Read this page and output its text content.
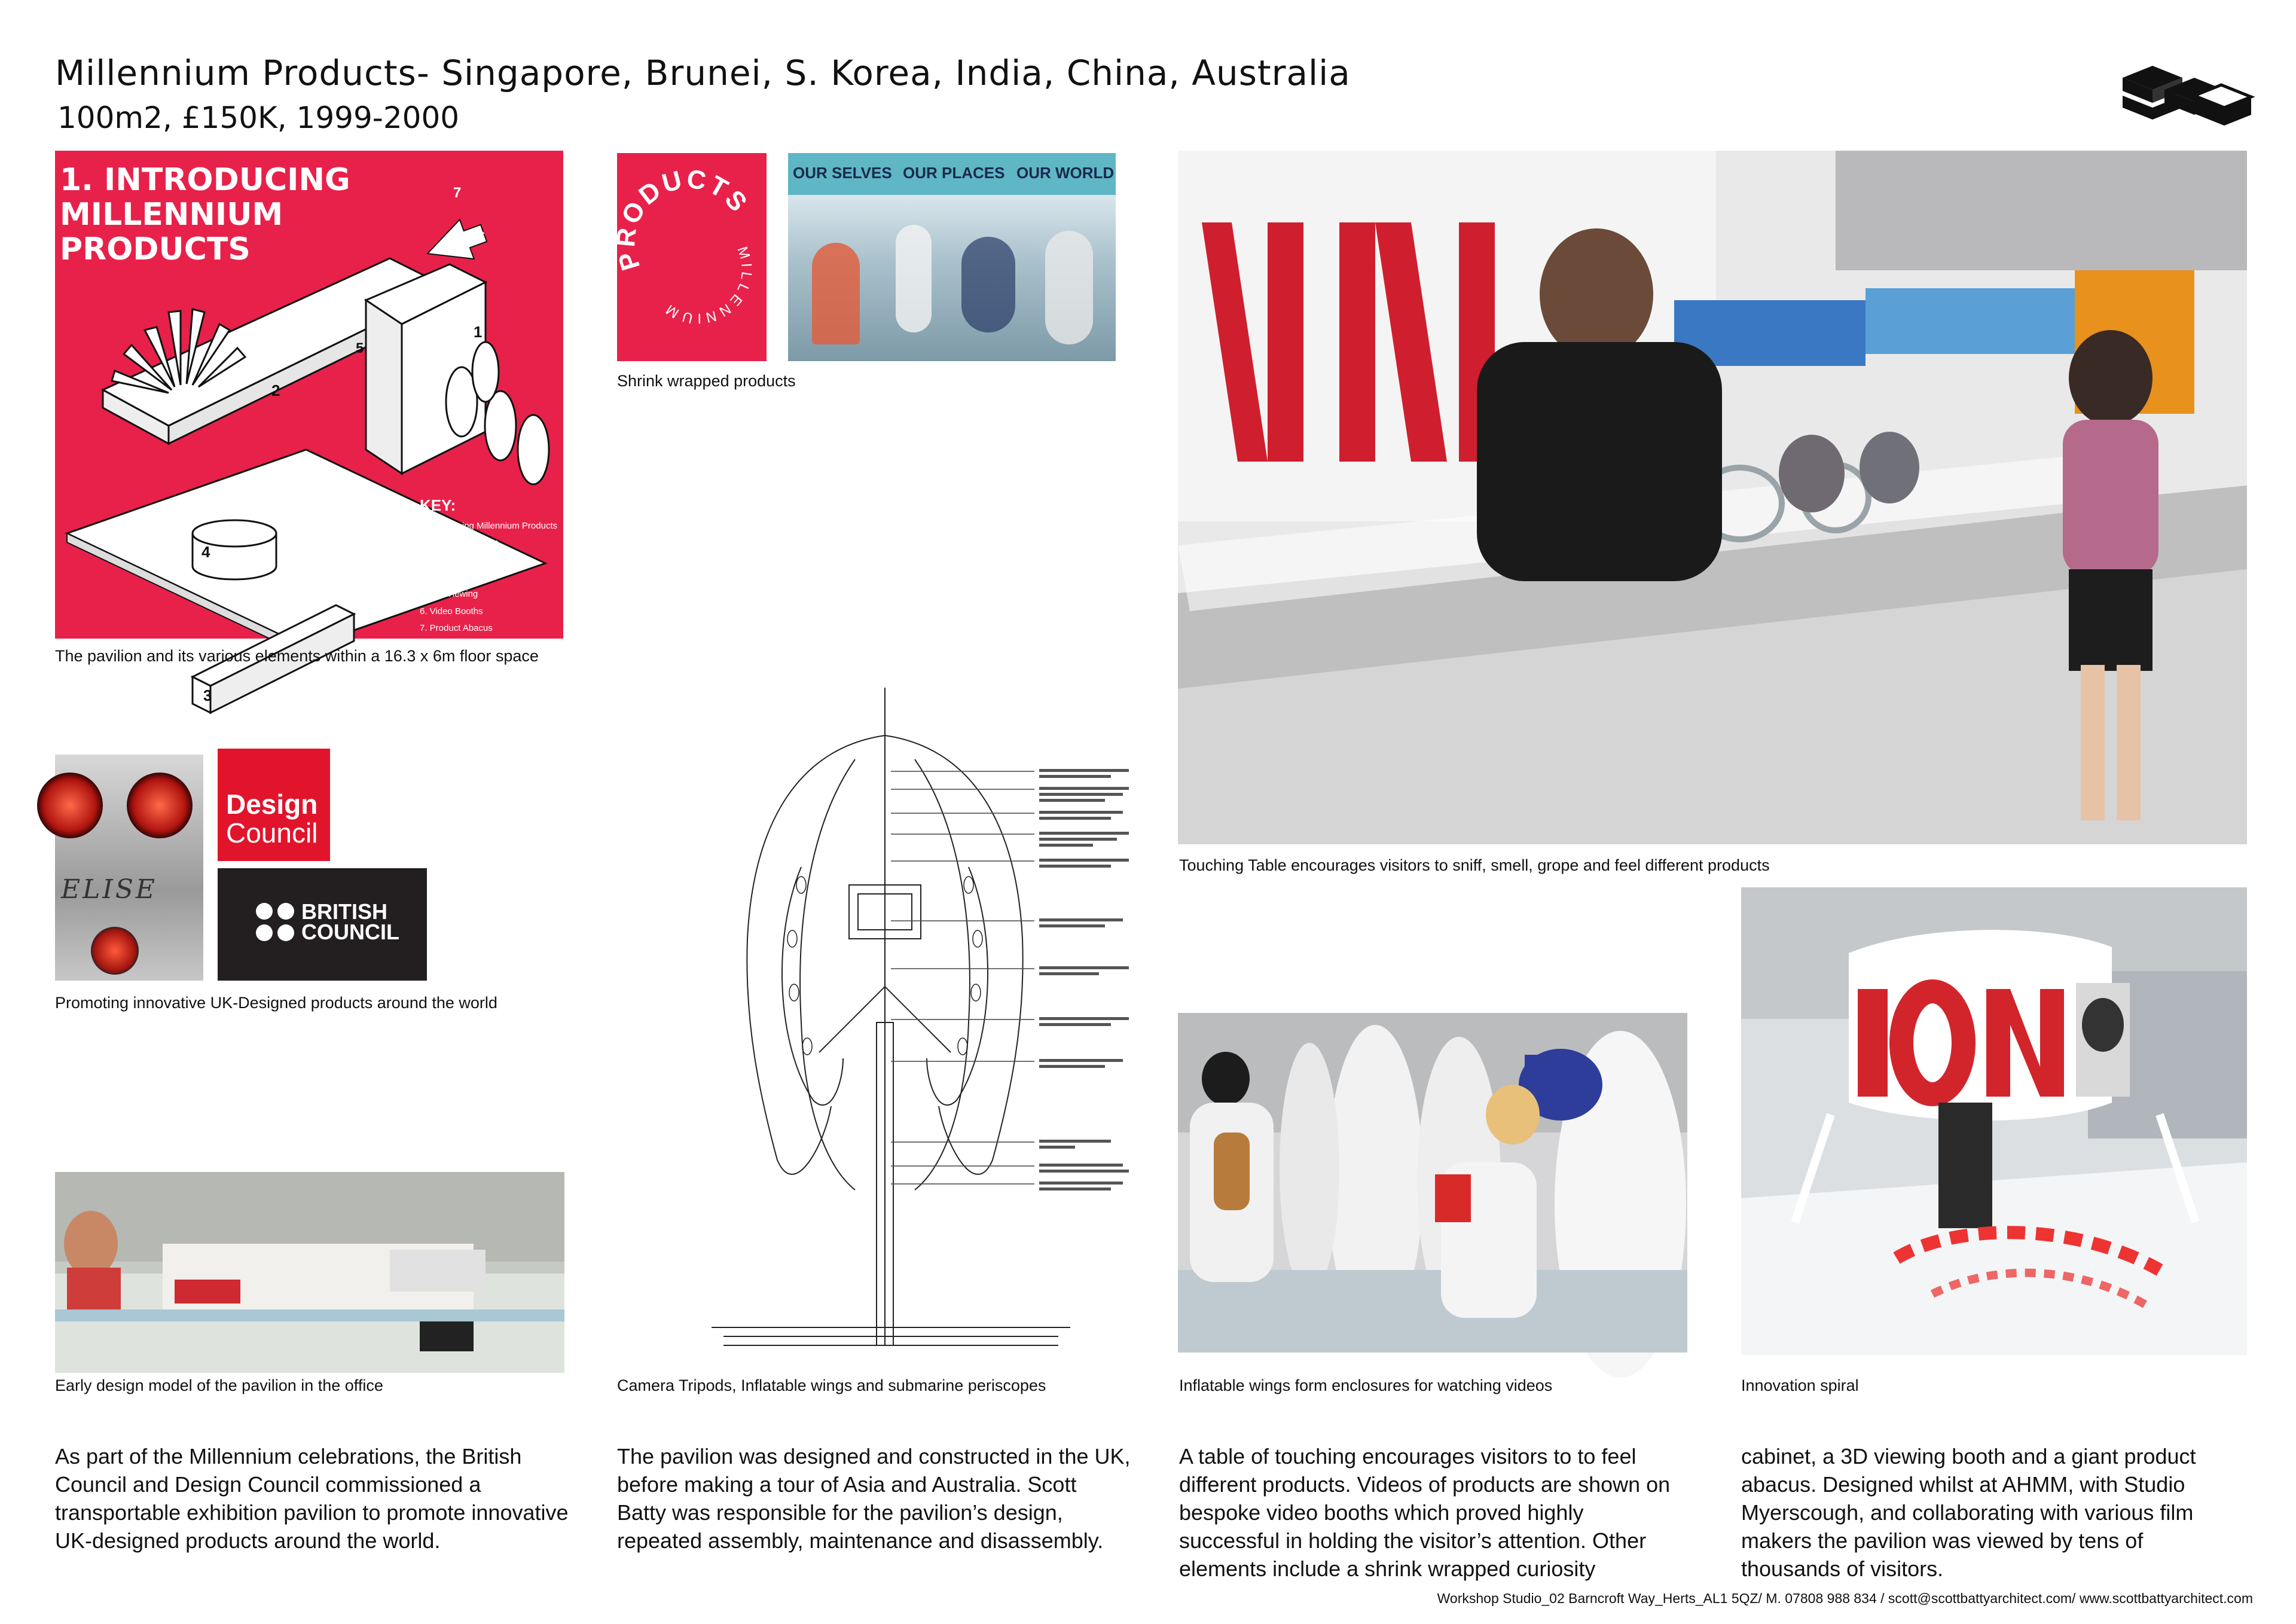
Millennium Products- Singapore, Brunei, S. Korea, India, China, Australia
100m2, £150K, 1999-2000
1. INTRODUCING
MILLENNIUM
PRODUCTS
1
2
3
4
5
6
7
KEY:
1. Introducing Millennium Products
2. Curiosity Cabinet
3. Sensory Table
4. Innovation Spiral
5. 3-D Viewing
6. Video Booths
7. Product Abacus
The pavilion and its various elements within a 16.3 x 6m floor space
ODUCTS
MILLENNIUM
OUR SELVES OUR PLACES OUR WORLD
Shrink wrapped products
Touching Table encourages visitors to sniff, smell, grope and feel different products
ELISE
Design
Council
BRITISH
COUNCIL
Promoting innovative UK-Designed products around the world
Early design model of the pavilion in the office	Camera Tripods, Inflatable wings and submarine periscopes	Inflatable wings form enclosures for watching videos	Innovation spiral
As part of the Millennium celebrations, the British Council and Design Council commissioned a transportable exhibition pavilion to promote innovative UK-designed products around the world.
The pavilion was designed and constructed in the UK, before making a tour of Asia and Australia. Scott Batty was responsible for the pavilion’s design, repeated assembly, maintenance and disassembly.
A table of touching encourages visitors to to feel different products. Videos of products are shown on bespoke video booths which proved highly successful in holding the visitor’s attention. Other elements include a shrink wrapped curiosity
cabinet, a 3D viewing booth and a giant product abacus. Designed whilst at AHMM, with Studio Myerscough, and collaborating with various film makers the pavilion was viewed by tens of thousands of visitors.
Workshop Studio_02 Barncroft Way_Herts_AL1 5QZ/ M. 07808 988 834 / scott@scottbattyarchitect.com/ www.scottbattyarchitect.com
